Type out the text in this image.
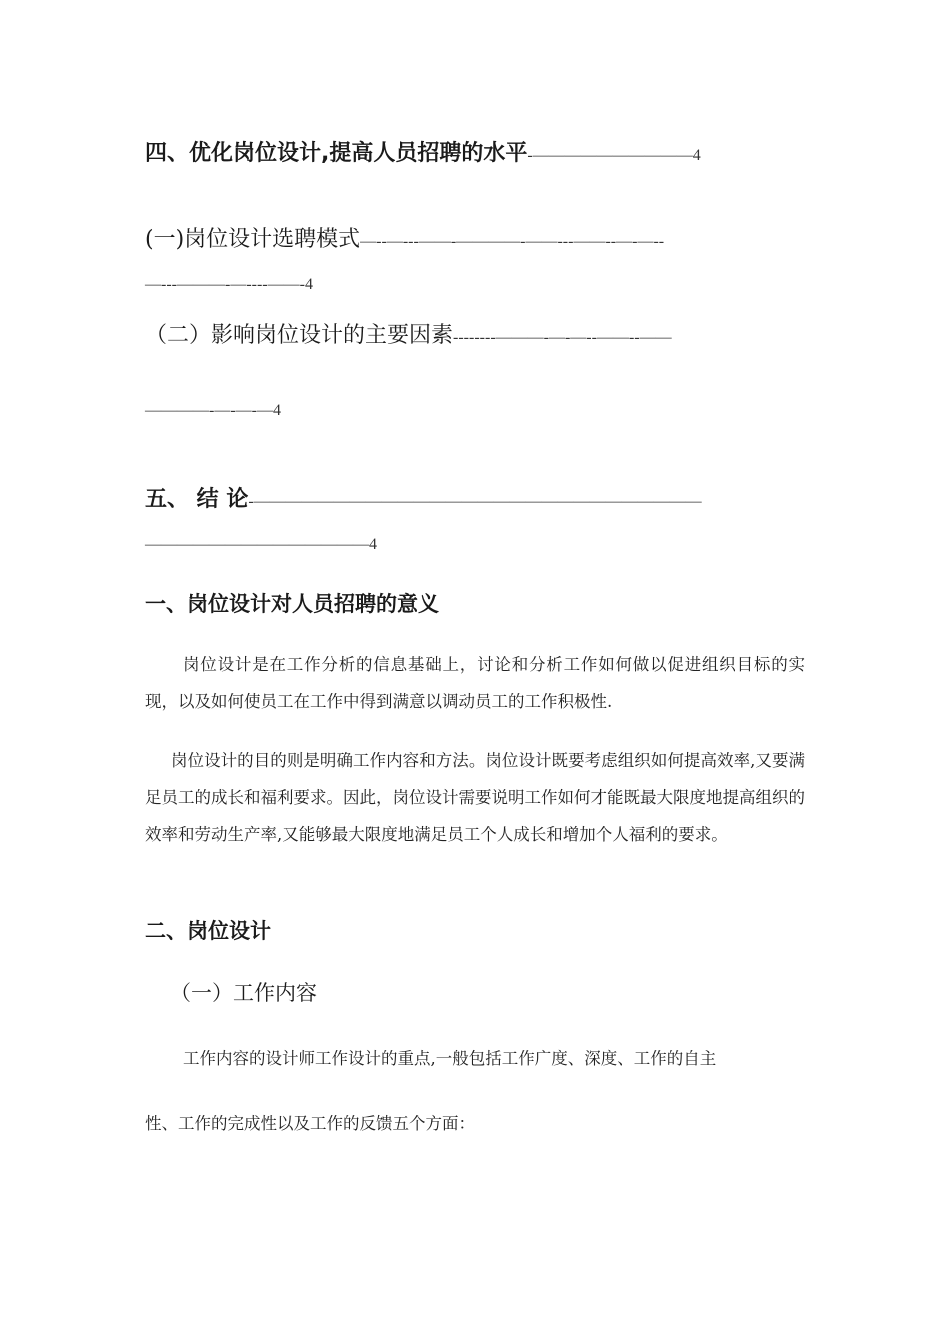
四、优化岗位设计,提高人员招聘的水平-——————————4
(一)岗位设计选聘模式—--—---——-————-——---——--—-—--
—---———-—----——-4
（二）影响岗位设计的主要因素--------———-—-—--——--——
————-—-—-—4
五、 结 论-————————————————————————————
——————————————4
一、岗位设计对人员招聘的意义
岗位设计是在工作分析的信息基础上，讨论和分析工作如何做以促进组织目标的实现，以及如何使员工在工作中得到满意以调动员工的工作积极性.
岗位设计的目的则是明确工作内容和方法。岗位设计既要考虑组织如何提高效率,又要满足员工的成长和福利要求。因此，岗位设计需要说明工作如何才能既最大限度地提高组织的效率和劳动生产率,又能够最大限度地满足员工个人成长和增加个人福利的要求。
二、岗位设计
（一）工作内容
工作内容的设计师工作设计的重点,一般包括工作广度、深度、工作的自主
性、工作的完成性以及工作的反馈五个方面：
